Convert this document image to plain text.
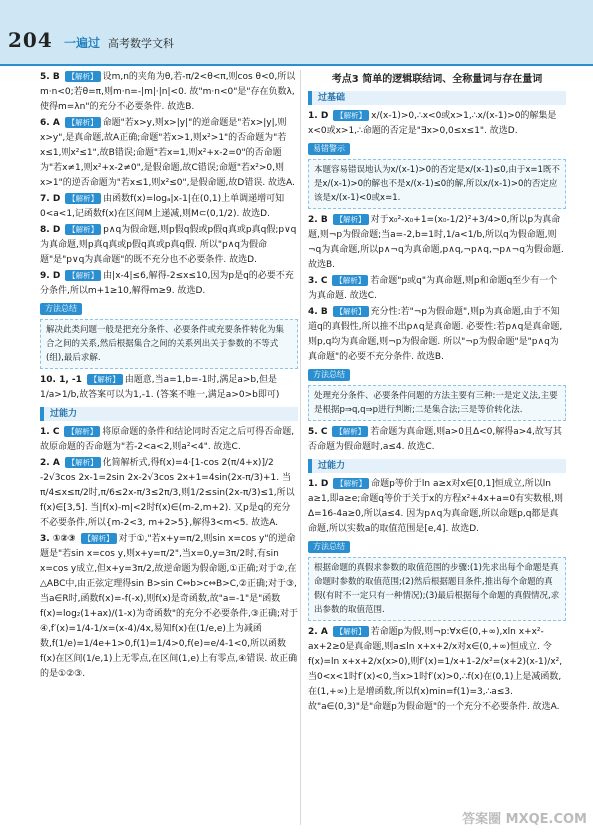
204 一遍过 高考数学文科

5. B 【解析】 设m,n的夹角为θ,若-π/2<θ<π,则cos θ<0,所以m·n<0;若θ=π,则m·n=-|m|·|n|<0. 故"m·n<0"是"存在负数λ,使得m=λn"的充分不必要条件. 故选B.

6. A 【解析】 命题"若x>y,则x>|y|"的逆命题是"若x>|y|,则x>y",是真命题,故A正确;命题"若x>1,则x²>1"的否命题为"若x≤1,则x²≤1",故B错误;命题"若x=1,则x²+x-2=0"的否命题为"若x≠1,则x²+x-2≠0",是假命题,故C错误;命题"若x²>0,则x>1"的逆否命题为"若x≤1,则x²≤0",是假命题,故D错误. 故选A.

7. D 【解析】 由函数f(x)=logₐ|x-1|在(0,1)上单调递增可知0<a<1,记函数f(x)在区间M上递减,则M⊂(0,1/2). 故选D.

8. D 【解析】 p∧q为假命题,则p假q假或p假q真或p真q假;p∨q为真命题,则p真q真或p假q真或p真q假. 所以"p∧q为假命题"是"p∨q为真命题"的既不充分也不必要条件. 故选D.

9. D 【解析】 由|x-4|≤6,解得-2≤x≤10,因为p是q的必要不充分条件,所以m+1≥10,解得m≥9. 故选D.

方法总结
解决此类问题一般是把充分条件、必要条件或充要条件转化为集合之间的关系,然后根据集合之间的关系列出关于参数的不等式(组),最后求解.

10. 1, -1 【解析】 由题意,当a=1,b=-1时,满足a>b,但是1/a>1/b,故答案可以为1,-1. (答案不唯一,满足a>0>b即可)

过能力

1. C 【解析】 将原命题的条件和结论同时否定之后可得否命题,故原命题的否命题为"若-2<a<2,则a²<4". 故选C.

2. A 【解析】 化简解析式,得f(x)=4·[1-cos 2(π/4+x)]/2 -2√3cos 2x-1=2sin 2x-2√3cos 2x+1=4sin(2x-π/3)+1. 当π/4≤x≤π/2时,π/6≤2x-π/3≤2π/3,则1/2≤sin(2x-π/3)≤1,所以f(x)∈[3,5]. 当|f(x)-m|<2时f(x)∈(m-2,m+2). 又p是q的充分不必要条件,所以{m-2<3, m+2>5},解得3<m<5. 故选A.

3. ①②③ 【解析】 对于①,"若x+y=π/2,则sin x=cos y"的逆命题是"若sin x=cos y,则x+y=π/2",当x=0,y=3π/2时,有sin x=cos y成立,但x+y=3π/2,故逆命题为假命题,①正确;对于②,在△ABC中,由正弦定理得sin B>sin C⇔b>c⇔B>C,②正确;对于③,当a∈R时,函数f(x)=-f(-x),则f(x)是奇函数,故"a=-1"是"函数f(x)=log₂(1+ax)/(1-x)为奇函数"的充分不必要条件,③正确;对于④,f′(x)=1/4-1/x=(x-4)/4x,易知f(x)在(1/e,e)上为减函数,f(1/e)=1/4e+1>0,f(1)=1/4>0,f(e)=e/4-1<0,所以函数f(x)在区间(1/e,1)上无零点,在区间(1,e)上有零点,④错误. 故正确的是①②③.

考点3 简单的逻辑联结词、全称量词与存在量词
过基础

1. D 【解析】 x/(x-1)>0,∴x<0或x>1,∴x/(x-1)>0的解集是x<0或x>1,∴命题的否定是"∃x>0,0≤x≤1". 故选D.

易错警示
本题容易错误地认为x/(x-1)>0的否定是x/(x-1)≤0,由于x=1既不是x/(x-1)>0的解也不是x/(x-1)≤0的解,所以x/(x-1)>0的否定应该是x/(x-1)<0或x=1.

2. B 【解析】 对于x₀²-x₀+1=(x₀-1/2)²+3/4>0,所以p为真命题,则¬p为假命题;当a=-2,b=1时,1/a<1/b,所以q为假命题,则¬q为真命题,所以p∧¬q为真命题,p∧q,¬p∧q,¬p∧¬q为假命题. 故选B.

3. C 【解析】 若命题"p或q"为真命题,则p和命题q至少有一个为真命题. 故选C.

4. B 【解析】 充分性:若"¬p为假命题",则p为真命题,由于不知道q的真假性,所以推不出p∧q是真命题. 必要性:若p∧q是真命题,则p,q均为真命题,则¬p为假命题. 所以"¬p为假命题"是"p∧q为真命题"的必要不充分条件. 故选B.

方法总结
处理充分条件、必要条件问题的方法主要有三种:一是定义法,主要是根据p⇒q,q⇒p进行判断;二是集合法;三是等价转化法.

5. C 【解析】 若命题为真命题,则a>0且Δ<0,解得a>4,故写其否命题为假命题时,a≤4. 故选C.

过能力

1. D 【解析】 命题p等价于ln a≥x对x∈[0,1]恒成立,所以ln a≥1,即a≥e;命题q等价于关于x的方程x²+4x+a=0有实数根,则Δ=16-4a≥0,所以a≤4. 因为p∧q为真命题,所以命题p,q都是真命题,所以实数a的取值范围是[e,4]. 故选D.

方法总结
根据命题的真假求参数的取值范围的步骤:(1)先求出每个命题是真命题时参数的取值范围;(2)然后根据题目条件,推出每个命题的真假(有时不一定只有一种情况);(3)最后根据每个命题的真假情况,求出参数的取值范围.

2. A 【解析】 若命题p为假,则¬p:∀x∈(0,+∞),xln x+x²-ax+2≥0是真命题,则a≤ln x+x+2/x对x∈(0,+∞)恒成立. 令f(x)=ln x+x+2/x(x>0),则f′(x)=1/x+1-2/x²=(x+2)(x-1)/x²,当0<x<1时f′(x)<0,当x>1时f′(x)>0,∴f(x)在(0,1)上是减函数,在(1,+∞)上是增函数,所以f(x)min=f(1)=3,∴a≤3. 故"a∈(0,3)"是"命题p为假命题"的一个充分不必要条件. 故选A.

答案圈 MXQE.COM
